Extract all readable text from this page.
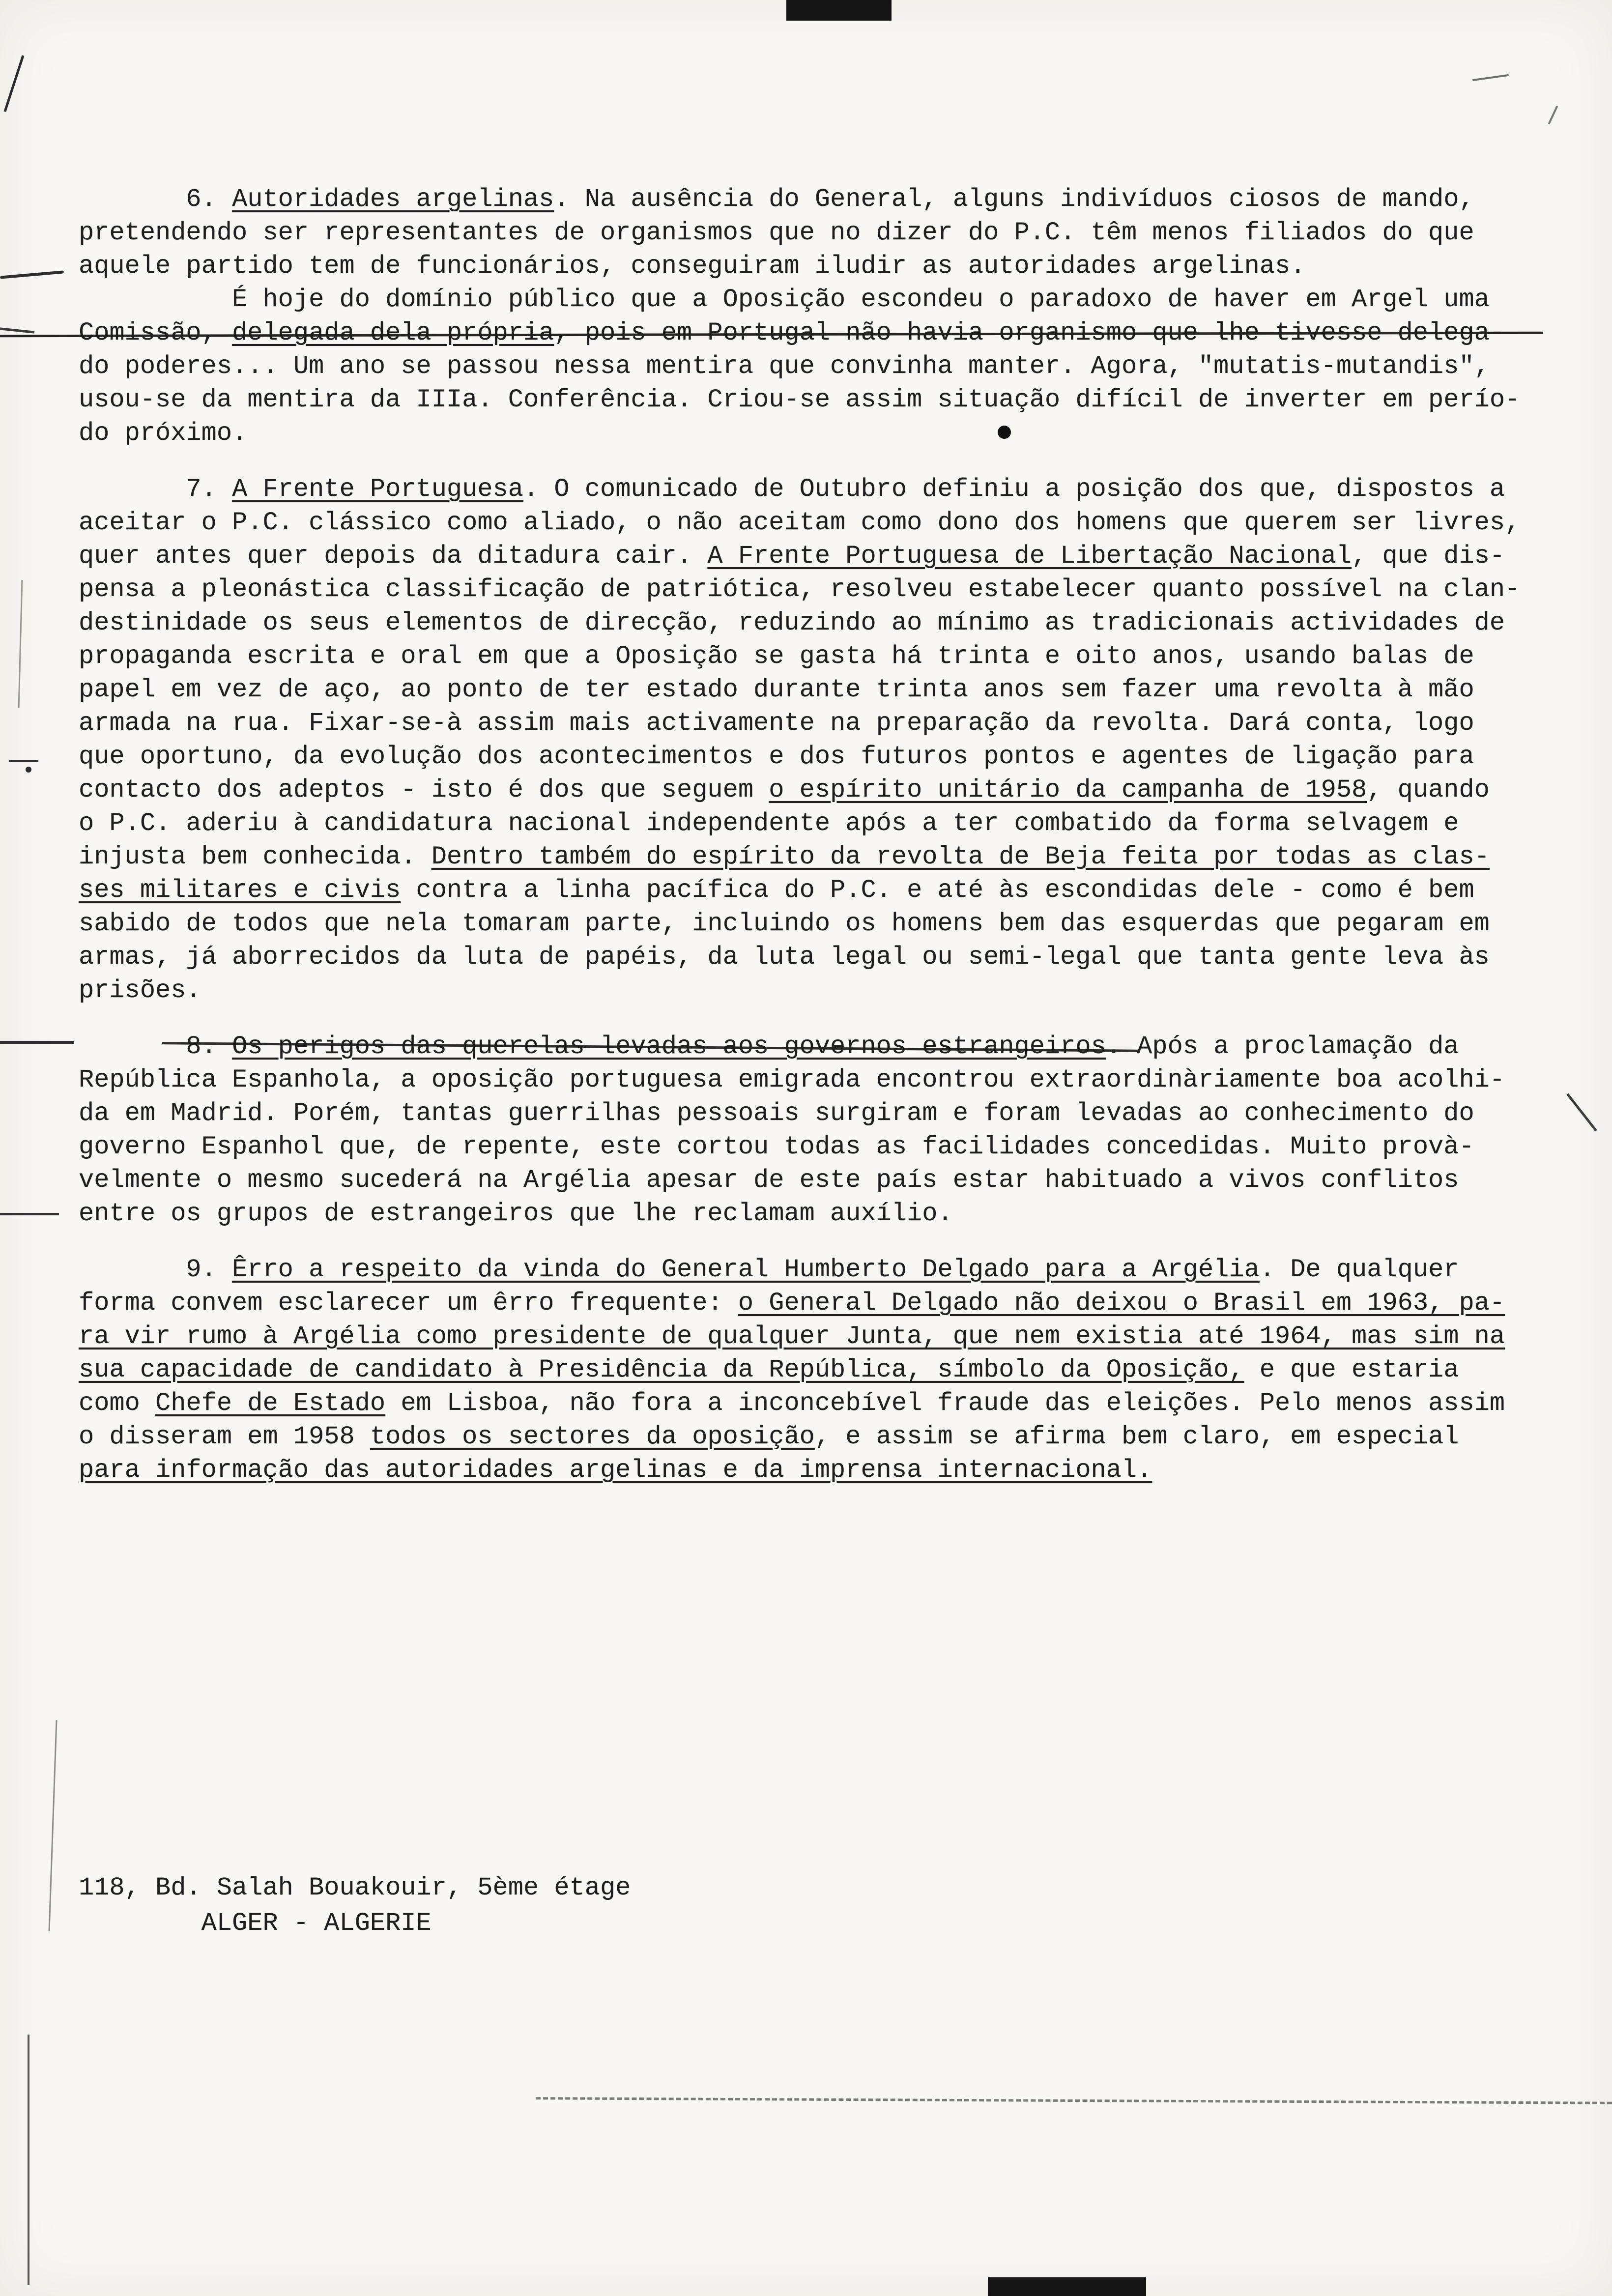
6. Autoridades argelinas. Na ausência do General, alguns indivíduos ciosos de mando,
pretendendo ser representantes de organismos que no dizer do P.C. têm menos filiados do que
aquele partido tem de funcionários, conseguiram iludir as autoridades argelinas.
É hoje do domínio público que a Oposição escondeu o paradoxo de haver em Argel uma
Comissão, delegada dela própria, pois em Portugal não havia organismo que lhe tivesse delega-
do poderes... Um ano se passou nessa mentira que convinha manter. Agora, "mutatis-mutandis",
usou-se da mentira da IIIa. Conferência. Criou-se assim situação difícil de inverter em perío-
do próximo.
7. A Frente Portuguesa. O comunicado de Outubro definiu a posição dos que, dispostos a
aceitar o P.C. clássico como aliado, o não aceitam como dono dos homens que querem ser livres,
quer antes quer depois da ditadura cair. A Frente Portuguesa de Libertação Nacional, que dis-
pensa a pleonástica classificação de patriótica, resolveu estabelecer quanto possível na clan-
destinidade os seus elementos de direcção, reduzindo ao mínimo as tradicionais actividades de
propaganda escrita e oral em que a Oposição se gasta há trinta e oito anos, usando balas de
papel em vez de aço, ao ponto de ter estado durante trinta anos sem fazer uma revolta à mão
armada na rua. Fixar-se-à assim mais activamente na preparação da revolta. Dará conta, logo
que oportuno, da evolução dos acontecimentos e dos futuros pontos e agentes de ligação para
contacto dos adeptos - isto é dos que seguem o espírito unitário da campanha de 1958, quando
o P.C. aderiu à candidatura nacional independente após a ter combatido da forma selvagem e
injusta bem conhecida. Dentro também do espírito da revolta de Beja feita por todas as clas-
ses militares e civis contra a linha pacífica do P.C. e até às escondidas dele - como é bem
sabido de todos que nela tomaram parte, incluindo os homens bem das esquerdas que pegaram em
armas, já aborrecidos da luta de papéis, da luta legal ou semi-legal que tanta gente leva às
prisões.
8. Os perigos das querelas levadas aos governos estrangeiros. Após a proclamação da
República Espanhola, a oposição portuguesa emigrada encontrou extraordinàriamente boa acolhi-
da em Madrid. Porém, tantas guerrilhas pessoais surgiram e foram levadas ao conhecimento do
governo Espanhol que, de repente, este cortou todas as facilidades concedidas. Muito provà-
velmente o mesmo sucederá na Argélia apesar de este país estar habituado a vivos conflitos
entre os grupos de estrangeiros que lhe reclamam auxílio.
9. Êrro a respeito da vinda do General Humberto Delgado para a Argélia. De qualquer
forma convem esclarecer um êrro frequente: o General Delgado não deixou o Brasil em 1963, pa-
ra vir rumo à Argélia como presidente de qualquer Junta, que nem existia até 1964, mas sim na
sua capacidade de candidato à Presidência da República, símbolo da Oposição, e que estaria
como Chefe de Estado em Lisboa, não fora a inconcebível fraude das eleições. Pelo menos assim
o disseram em 1958 todos os sectores da oposição, e assim se afirma bem claro, em especial
para informação das autoridades argelinas e da imprensa internacional.
118, Bd. Salah Bouakouir, 5ème étage
ALGER - ALGERIE
